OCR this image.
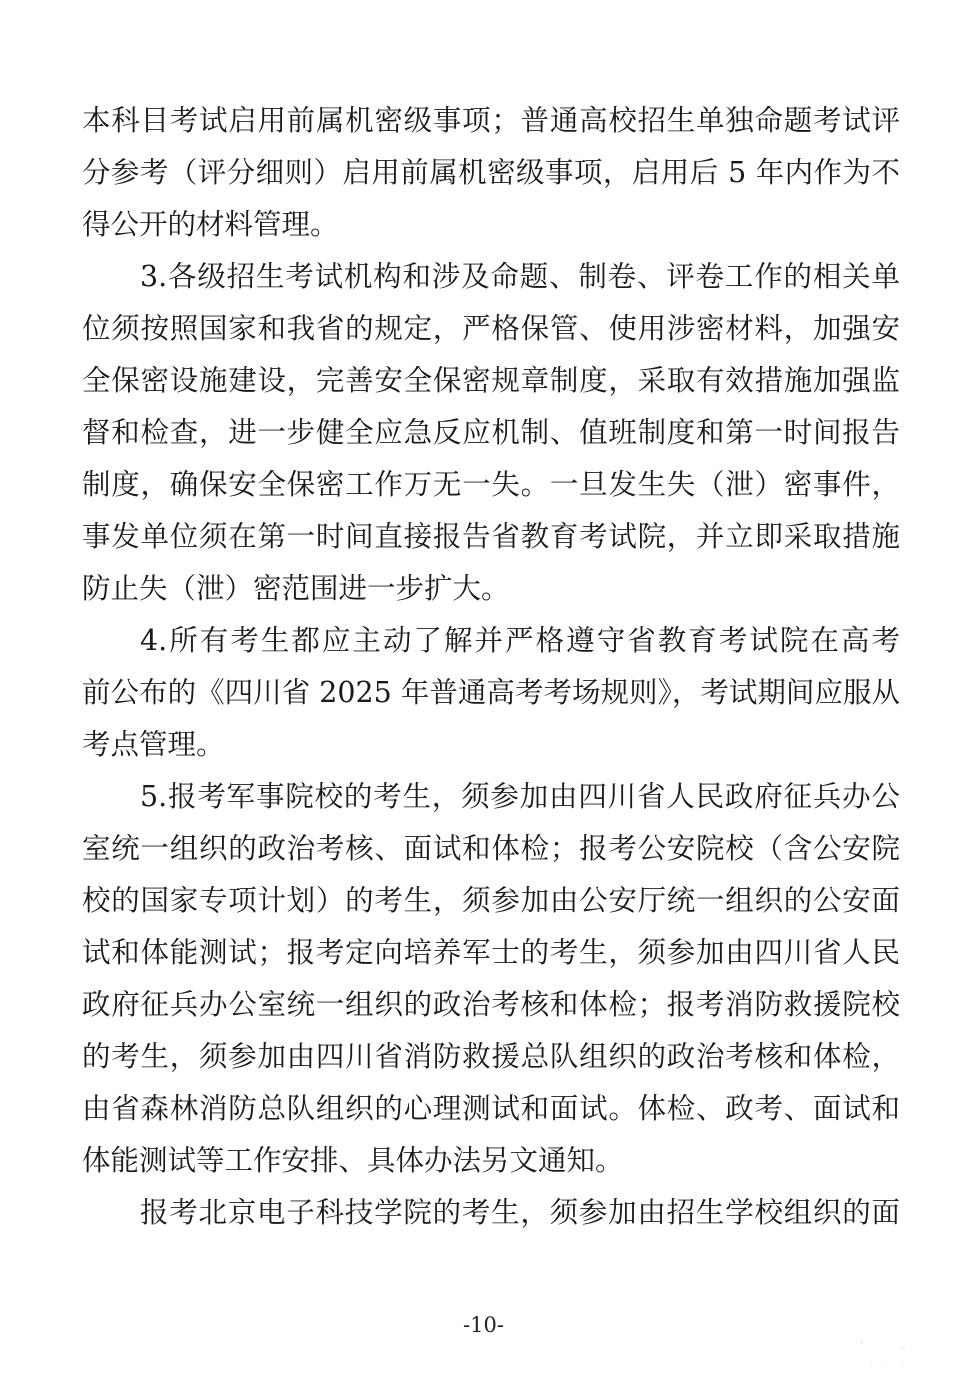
本科目考试启用前属机密级事项；普通高校招生单独命题考试评
分参考（评分细则）启用前属机密级事项，启用后 5 年内作为不
得公开的材料管理。
3.各级招生考试机构和涉及命题、制卷、评卷工作的相关单
位须按照国家和我省的规定，严格保管、使用涉密材料，加强安
全保密设施建设，完善安全保密规章制度，采取有效措施加强监
督和检查，进一步健全应急反应机制、值班制度和第一时间报告
制度，确保安全保密工作万无一失。一旦发生失（泄）密事件，
事发单位须在第一时间直接报告省教育考试院，并立即采取措施
防止失（泄）密范围进一步扩大。
4.所有考生都应主动了解并严格遵守省教育考试院在高考
前公布的《四川省 2025 年普通高考考场规则》，考试期间应服从
考点管理。
5.报考军事院校的考生，须参加由四川省人民政府征兵办公
室统一组织的政治考核、面试和体检；报考公安院校（含公安院
校的国家专项计划）的考生，须参加由公安厅统一组织的公安面
试和体能测试；报考定向培养军士的考生，须参加由四川省人民
政府征兵办公室统一组织的政治考核和体检；报考消防救援院校
的考生，须参加由四川省消防救援总队组织的政治考核和体检，
由省森林消防总队组织的心理测试和面试。体检、政考、面试和
体能测试等工作安排、具体办法另文通知。
报考北京电子科技学院的考生，须参加由招生学校组织的面
-10-
西秦会馆
